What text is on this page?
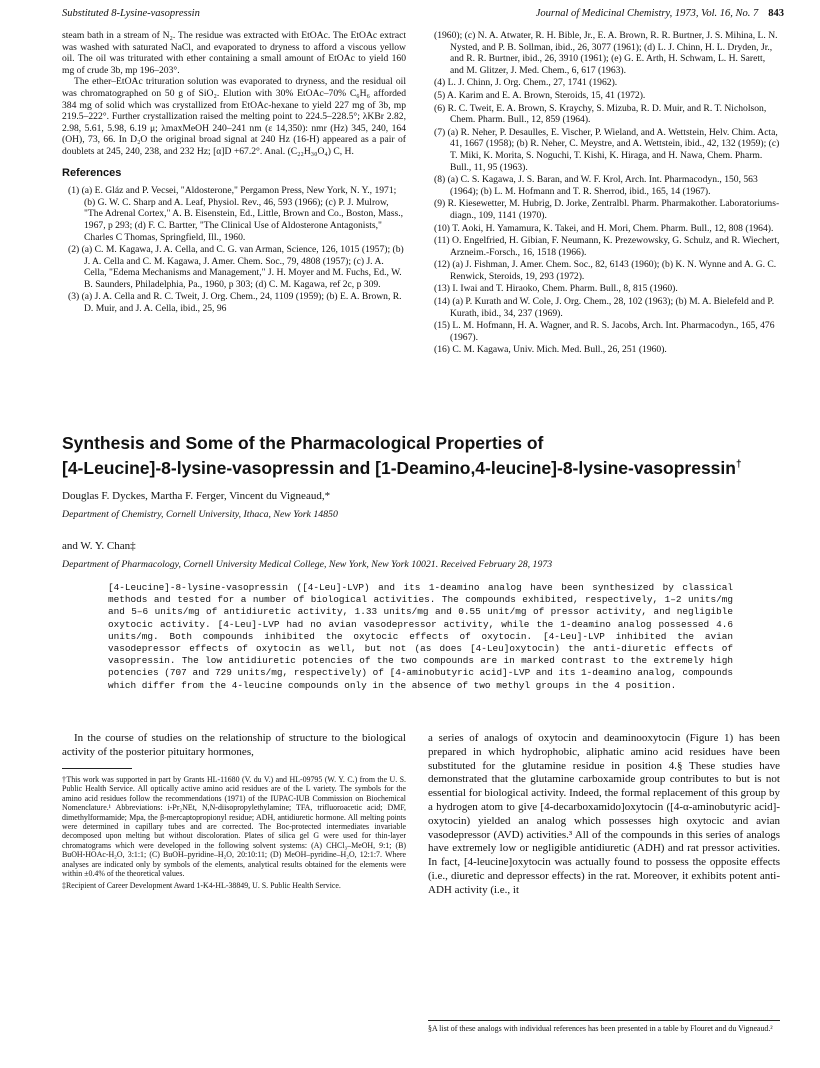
Substituted 8-Lysine-vasopressin	Journal of Medicinal Chemistry, 1973, Vol. 16, No. 7 843

steam bath in a stream of N₂. The residue was extracted with EtOAc. The EtOAc extract was washed with saturated NaCl, and evaporated to dryness to afford a viscous yellow oil. The oil was triturated with ether containing a small amount of EtOAc to yield 160 mg of crude 3b, mp 196–203°.

The ether–EtOAc trituration solution was evaporated to dryness, and the residual oil was chromatographed on 50 g of SiO₂. Elution with 30% EtOAc–70% C₆H₆ afforded 384 mg of solid which was crystallized from EtOAc-hexane to yield 227 mg of 3b, mp 219.5–222°. Further crystallization raised the melting point to 224.5–228.5°; λKBr 2.82, 2.98, 5.61, 5.98, 6.19 μ; λmaxMeOH 240–241 nm (ε 14,350): nmr (Hz) 345, 240, 164 (OH), 73, 66. In D₂O the original broad signal at 240 Hz (16-H) appeared as a pair of doublets at 245, 240, 238, and 232 Hz; [α]D +67.2°. Anal. (C₂₂H₃₀O₄) C, H.

References
(1) (a) E. Gláz and P. Vecsei, "Aldosterone," Pergamon Press, New York, N. Y., 1971; (b) G. W. C. Sharp and A. Leaf, Physiol. Rev., 46, 593 (1966); (c) P. J. Mulrow, "The Adrenal Cortex," A. B. Eisenstein, Ed., Little, Brown and Co., Boston, Mass., 1967, p 293; (d) F. C. Bartter, "The Clinical Use of Aldosterone Antagonists," Charles C Thomas, Springfield, Ill., 1960.
(2) (a) C. M. Kagawa, J. A. Cella, and C. G. van Arman, Science, 126, 1015 (1957); (b) J. A. Cella and C. M. Kagawa, J. Amer. Chem. Soc., 79, 4808 (1957); (c) J. A. Cella, "Edema Mechanisms and Management," J. H. Moyer and M. Fuchs, Ed., W. B. Saunders, Philadelphia, Pa., 1960, p 303; (d) C. M. Kagawa, ref 2c, p 309.
(3) (a) J. A. Cella and R. C. Tweit, J. Org. Chem., 24, 1109 (1959); (b) E. A. Brown, R. D. Muir, and J. A. Cella, ibid., 25, 96
(1960); (c) N. A. Atwater, R. H. Bible, Jr., E. A. Brown, R. R. Burtner, J. S. Mihina, L. N. Nysted, and P. B. Sollman, ibid., 26, 3077 (1961); (d) L. J. Chinn, H. L. Dryden, Jr., and R. R. Burtner, ibid., 26, 3910 (1961); (e) G. E. Arth, H. Schwam, L. H. Sarett, and M. Glitzer, J. Med. Chem., 6, 617 (1963).
(4) L. J. Chinn, J. Org. Chem., 27, 1741 (1962).
(5) A. Karim and E. A. Brown, Steroids, 15, 41 (1972).
(6) R. C. Tweit, E. A. Brown, S. Kraychy, S. Mizuba, R. D. Muir, and R. T. Nicholson, Chem. Pharm. Bull., 12, 859 (1964).
(7) (a) R. Neher, P. Desaulles, E. Vischer, P. Wieland, and A. Wettstein, Helv. Chim. Acta, 41, 1667 (1958); (b) R. Neher, C. Meystre, and A. Wettstein, ibid., 42, 132 (1959); (c) T. Miki, K. Morita, S. Noguchi, T. Kishi, K. Hiraga, and H. Nawa, Chem. Pharm. Bull., 11, 95 (1963).
(8) (a) C. S. Kagawa, J. S. Baran, and W. F. Krol, Arch. Int. Pharmacodyn., 150, 563 (1964); (b) L. M. Hofmann and T. R. Sherrod, ibid., 165, 14 (1967).
(9) R. Kiesewetter, M. Hubrig, D. Jorke, Zentralbl. Pharm. Pharmakother. Laboratoriums-diagn., 109, 1141 (1970).
(10) T. Aoki, H. Yamamura, K. Takei, and H. Mori, Chem. Pharm. Bull., 12, 808 (1964).
(11) O. Engelfried, H. Gibian, F. Neumann, K. Prezewowsky, G. Schulz, and R. Wiechert, Arzneim.-Forsch., 16, 1518 (1966).
(12) (a) J. Fishman, J. Amer. Chem. Soc., 82, 6143 (1960); (b) K. N. Wynne and A. G. C. Renwick, Steroids, 19, 293 (1972).
(13) I. Iwai and T. Hiraoko, Chem. Pharm. Bull., 8, 815 (1960).
(14) (a) P. Kurath and W. Cole, J. Org. Chem., 28, 102 (1963); (b) M. A. Bielefeld and P. Kurath, ibid., 34, 237 (1969).
(15) L. M. Hofmann, H. A. Wagner, and R. S. Jacobs, Arch. Int. Pharmacodyn., 165, 476 (1967).
(16) C. M. Kagawa, Univ. Mich. Med. Bull., 26, 251 (1960).
Synthesis and Some of the Pharmacological Properties of
[4-Leucine]-8-lysine-vasopressin and [1-Deamino,4-leucine]-8-lysine-vasopressin†
Douglas F. Dyckes, Martha F. Ferger, Vincent du Vigneaud,*
Department of Chemistry, Cornell University, Ithaca, New York 14850
and W. Y. Chan‡
Department of Pharmacology, Cornell University Medical College, New York, New York 10021. Received February 28, 1973
[4-Leucine]-8-lysine-vasopressin ([4-Leu]-LVP) and its 1-deamino analog have been synthesized by classical methods and tested for a number of biological activities. The compounds exhibited, respectively, 1–2 units/mg and 5–6 units/mg of antidiuretic activity, 1.33 units/mg and 0.55 unit/mg of pressor activity, and negligible oxytocic activity. [4-Leu]-LVP had no avian vasodepressor activity, while the 1-deamino analog possessed 4.6 units/mg. Both compounds inhibited the oxytocic effects of oxytocin. [4-Leu]-LVP inhibited the avian vasodepressor effects of oxytocin as well, but not (as does [4-Leu]oxytocin) the anti-diuretic effects of vasopressin. The low antidiuretic potencies of the two compounds are in marked contrast to the extremely high potencies (707 and 729 units/mg, respectively) of [4-aminobutyric acid]-LVP and its 1-deamino analog, compounds which differ from the 4-leucine compounds only in the absence of two methyl groups in the 4 position.

In the course of studies on the relationship of structure to the biological activity of the posterior pituitary hormones,

†This work was supported in part by Grants HL-11680 (V. du V.) and HL-09795 (W. Y. C.) from the U. S. Public Health Service. All optically active amino acid residues are of the L variety. The symbols for the amino acid residues follow the recommendations (1971) of the IUPAC-IUB Commission on Biochemical Nomenclature.¹ Abbreviations: i-Pr₂NEt, N,N-diisopropylethylamine; TFA, trifluoroacetic acid; DMF, dimethylformamide; Mpa, the β-mercaptopropionyl residue; ADH, antidiuretic hormone. All melting points were determined in capillary tubes and are corrected. The Boc-protected intermediates invariable decomposed upon melting but without discoloration. Plates of silica gel G were used for thin-layer chromatograms which were developed in the following solvent systems: (A) CHCl₃–MeOH, 9:1; (B) BuOH-HOAc-H₂O, 3:1:1; (C) BuOH–pyridine–H₂O, 20:10:11; (D) MeOH–pyridine–H₂O, 12:1:7. Where analyses are indicated only by symbols of the elements, analytical results obtained for the elements were within ±0.4% of the theoretical values.

‡Recipient of Career Development Award 1-K4-HL-38849, U. S. Public Health Service.

a series of analogs of oxytocin and deaminooxytocin (Figure 1) has been prepared in which hydrophobic, aliphatic amino acid residues have been substituted for the glutamine residue in position 4.§ These studies have demonstrated that the glutamine carboxamide group contributes to but is not essential for biological activity. Indeed, the formal replacement of this group by a hydrogen atom to give [4-decarboxamido]oxytocin ([4-α-aminobutyric acid]-oxytocin) yielded an analog which possesses high oxytocic and avian vasodepressor (AVD) activities.³ All of the compounds in this series of analogs have extremely low or negligible antidiuretic (ADH) and rat pressor activities. In fact, [4-leucine]oxytocin was actually found to possess the opposite effects (i.e., diuretic and depressor effects) in the rat. Moreover, it exhibits potent anti-ADH activity (i.e., it

§A list of these analogs with individual references has been presented in a table by Flouret and du Vigneaud.²
